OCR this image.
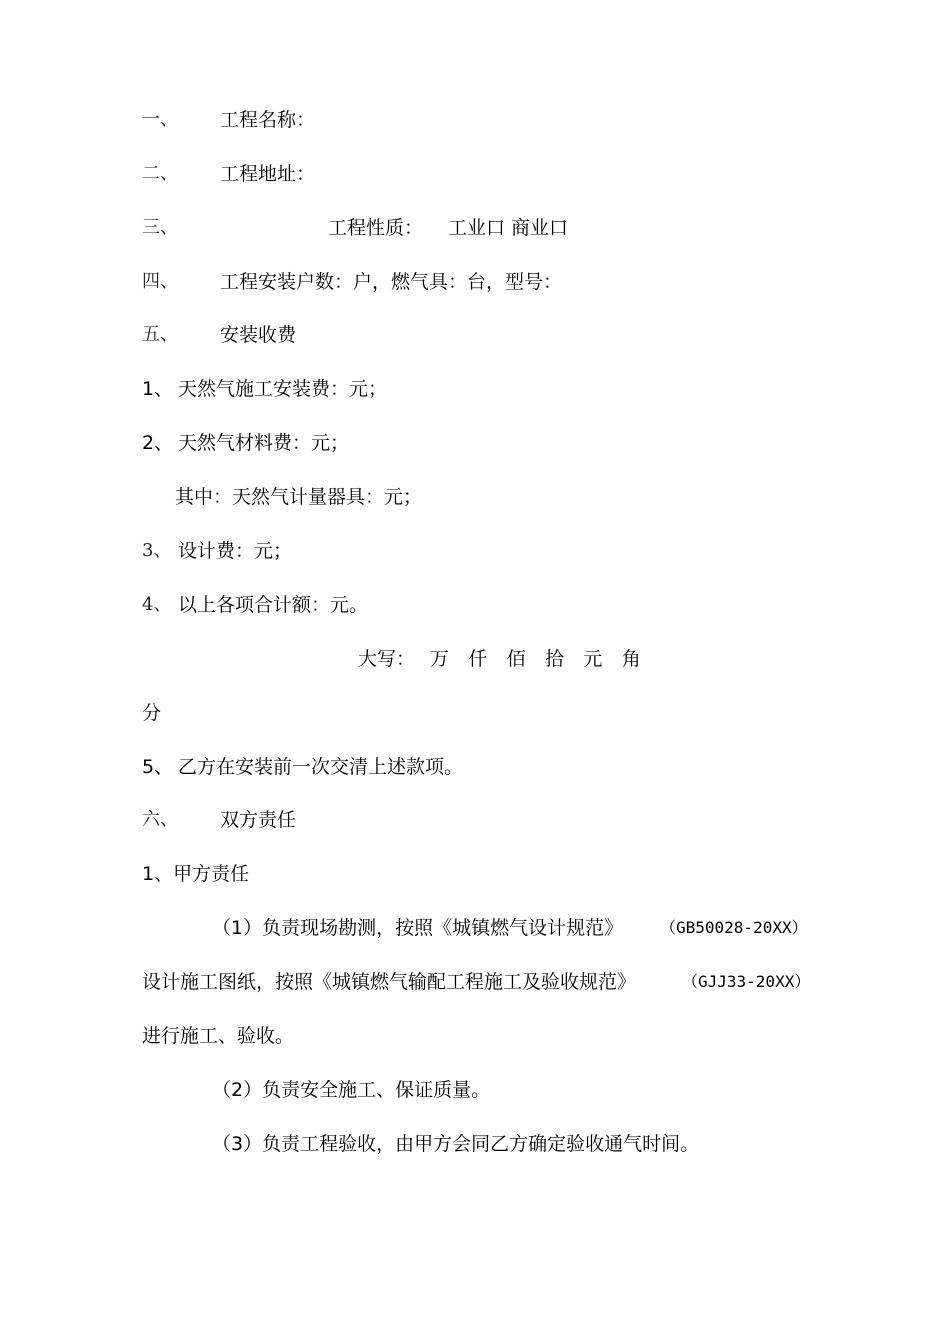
一、 工程名称：
二、 工程地址：
三、	工程性质： 工业口 商业口
四、 工程安装户数：户，燃气具：台，型号：
五、 安装收费
1、 天然气施工安装费：元；
2、 天然气材料费：元；
其中：天然气计量器具：元；
3、 设计费：元；
4、 以上各项合计额：元。
大写： 万 仟 佰 拾 元 角
分
5、 乙方在安装前一次交清上述款项。
六、 双方责任
1、甲方责任
（1）负责现场勘测，按照《城镇燃气设计规范》 （GB50028-20XX）
设计施工图纸，按照《城镇燃气输配工程施工及验收规范》	（GJJ33-20XX）
进行施工、验收。
（2）负责安全施工、保证质量。
（3）负责工程验收，由甲方会同乙方确定验收通气时间。
